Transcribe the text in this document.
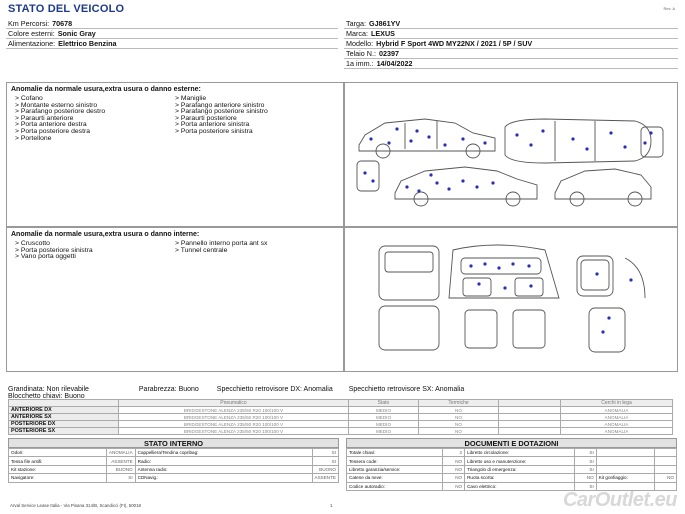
STATO DEL VEICOLO	Rev. A
Km Percorsi: 70678
Colore esterni: Sonic Gray
Alimentazione: Elettrico Benzina
Targa: GJ861YV
Marca: LEXUS
Modello: Hybrid F Sport 4WD MY22NX / 2021 / 5P / SUV
Telaio N.: 02397
1a imm.: 14/04/2022
Anomalie da normale usura,extra usura o danno esterne:
> Cofano
> Montante esterno sinistro
> Parafango posteriore destro
> Paraurti anteriore
> Porta anteriore destra
> Porta posteriore destra
> Portellone
> Maniglie
> Parafango anteriore sinistro
> Parafango posteriore sinistro
> Paraurti posteriore
> Porta anteriore sinistra
> Porta posteriore sinistra
Anomalie da normale usura,extra usura o danno interne:
> Cruscotto
> Porta posteriore sinistra
> Vano porta oggetti
> Pannello interno porta ant sx
> Tunnel centrale
Grandinata: Non rilevabile	Parabrezza: Buono	Specchietto retrovisore DX: Anomalia Specchietto retrovisore SX: Anomalia
Blocchetto chiavi: Buono
	Pneumatico	Stato	Termiche		Cerchi in lega
ANTERIORE DX	BRIDGESTONE ALENZA 235/50 R20 100/100 V	MEDIO	NO		ANOMALIA
ANTERIORE SX	BRIDGESTONE ALENZA 235/50 R20 100/100 V	MEDIO	NO		ANOMALIA
POSTERIORE DX	BRIDGESTONE ALENZA 235/50 R20 100/100 V	MEDIO	NO		ANOMALIA
POSTERIORE SX	BRIDGESTONE ALENZA 235/50 R20 100/100 V	MEDIO	NO		ANOMALIA
STATO INTERNO
Odori:	ANOMALIA	Cappelliera/Tendina copribag:	SI
Tessa file antifi:	ASSENTE	Radio:	SI
Kit stazione:	BUONO	Antenna radio:	BUONO
Navigatore:	SI	CDNavig.:	ASSENTE
DOCUMENTI E DOTAZIONI
Totale chiavi:	2	Libretto circolazione:	SI		
Tessera code:	NO	Libretto uso e manutenzione:	SI		
Libretto garanzia/service:	NO	Triangolo di emergenza:	SI		
Catene da neve:	NO	Ruota scorta:	NO	Kit gonfiaggio:	NO
Codice autoradio:	NO	Cavo elettrico:	SI		
Arval Service Lease Italia - Via Pisana 314/B, Scandicci (FI), 50018	1	CarOutlet.eu
